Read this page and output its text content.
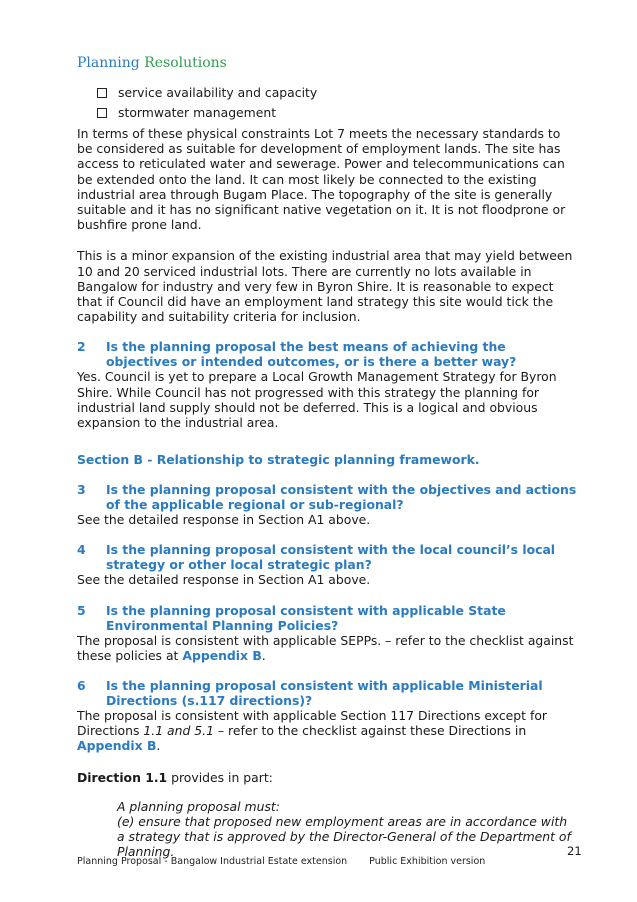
Planning Resolutions
service availability and capacity
stormwater management

In terms of these physical constraints Lot 7 meets the necessary standards to be considered as suitable for development of employment lands. The site has access to reticulated water and sewerage. Power and telecommunications can be extended onto the land. It can most likely be connected to the existing industrial area through Bugam Place. The topography of the site is generally suitable and it has no significant native vegetation on it. It is not floodprone or bushfire prone land.

This is a minor expansion of the existing industrial area that may yield between 10 and 20 serviced industrial lots. There are currently no lots available in Bangalow for industry and very few in Byron Shire. It is reasonable to expect that if Council did have an employment land strategy this site would tick the capability and suitability criteria for inclusion.

2	Is the planning proposal the best means of achieving the objectives or intended outcomes, or is there a better way?

Yes. Council is yet to prepare a Local Growth Management Strategy for Byron Shire. While Council has not progressed with this strategy the planning for industrial land supply should not be deferred. This is a logical and obvious expansion to the industrial area.

Section B - Relationship to strategic planning framework.
3	Is the planning proposal consistent with the objectives and actions of the applicable regional or sub-regional?

See the detailed response in Section A1 above.

4	Is the planning proposal consistent with the local council’s local strategy or other local strategic plan?

See the detailed response in Section A1 above.

5	Is the planning proposal consistent with applicable State Environmental Planning Policies?

The proposal is consistent with applicable SEPPs. – refer to the checklist against these policies at Appendix B.

6	Is the planning proposal consistent with applicable Ministerial Directions (s.117 directions)?

The proposal is consistent with applicable Section 117 Directions except for Directions 1.1 and 5.1 – refer to the checklist against these Directions in Appendix B.

Direction 1.1 provides in part:

A planning proposal must:
(e) ensure that proposed new employment areas are in accordance with a strategy that is approved by the Director-General of the Department of Planning.	21
Planning Proposal - Bangalow Industrial Estate extension Public Exhibition version
